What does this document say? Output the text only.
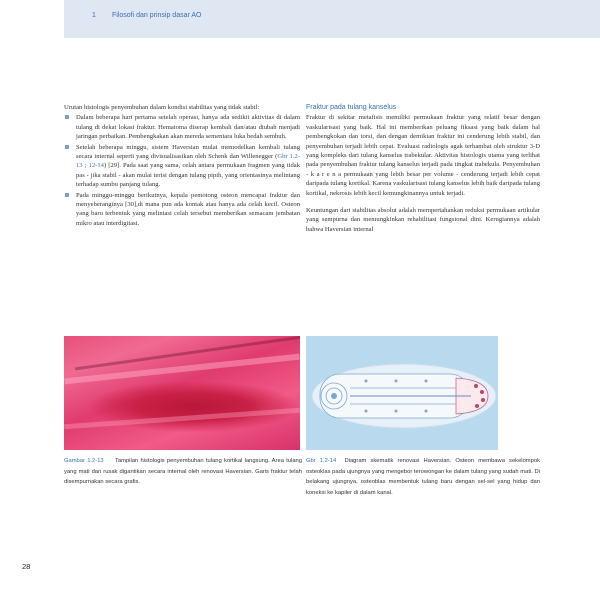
1 Filosofi dan prinsip dasar AO

Urutan histologis penyembuhan dalam kondisi stabilitas yang tidak stabil:

Dalam beberapa hari pertama setelah operasi, hanya ada sedikit aktivitas di dalam tulang di dekat lokasi fraktur. Hematoma diserap kembali dan/atau diubah menjadi jaringan perbaikan. Pembengkakan akan mereda sementara luka bedah sembuh.
Setelah beberapa minggu, sistem Haversian mulai memodelkan kembali tulang secara internal seperti yang divisualisasikan oleh Schenk dan Willenegger (Gbr 1.2-13 ; 12-14) [29]. Pada saat yang sama, celah antara permukaan fragmen yang tidak pas - jika stabil - akan mulai terisi dengan tulang pipih, yang orientasinya melintang terhadap sumbu panjang tulang.
Pada minggu-minggu berikutnya, kepala pemotong osteon mencapai fraktur dan menyeberanginya [30],di mana pun ada kontak atau hanya ada celah kecil. Osteon yang baru terbentuk yang melintasi celah tersebut memberikan semacam jembatan mikro atau interdigitasi.
Fraktur pada tulang kanselus

Fraktur di sekitar metafisis memiliki permukaan fraktur yang relatif besar dengan vaskularisasi yang baik. Hal ini memberikan peluang fiksasi yang baik dalam hal pembengkokan dan torsi, dan dengan demikian fraktur ini cenderung lebih stabil, dan penyembuhan terjadi lebih cepat. Evaluasi radiologis agak terhambat oleh struktur 3-D yang kompleks dari tulang kanselus trabekular. Aktivitas histologis utama yang terlihat pada penyembuhan fraktur tulang kanselus terjadi pada tingkat trabekula. Penyembuhan - k a r e n a permukaan yang lebih besar per volume - cenderung terjadi lebih cepat daripada tulang kortikal. Karena vaskularisasi tulang kanselus lebih baik daripada tulang kortikal, nekrosis lebih kecil kemungkinannya untuk terjadi.

Keuntungan dari stabilitas absolut adalah mempertahankan reduksi permukaan artikular yang sempurna dan memungkinkan rehabilitasi fungsional dini. Kerugiannya adalah bahwa Haversian internal

Gambar 1.2-13 Tampilan histologis penyembuhan tulang kortikal langsung. Area tulang yang mati dan rusak digantikan secara internal oleh renovasi Haversian. Garis fraktur telah disempurnakan secara grafis.
Gbr 1.2-14 Diagram skematik renovasi Haversian. Osteon membawa sekelompok osteoklas pada ujungnya yang mengebor terowongan ke dalam tulang yang sudah mati. Di belakang ujungnya, osteoblas membentuk tulang baru dengan sel-sel yang hidup dan koneksi ke kapiler di dalam kanal.
28
